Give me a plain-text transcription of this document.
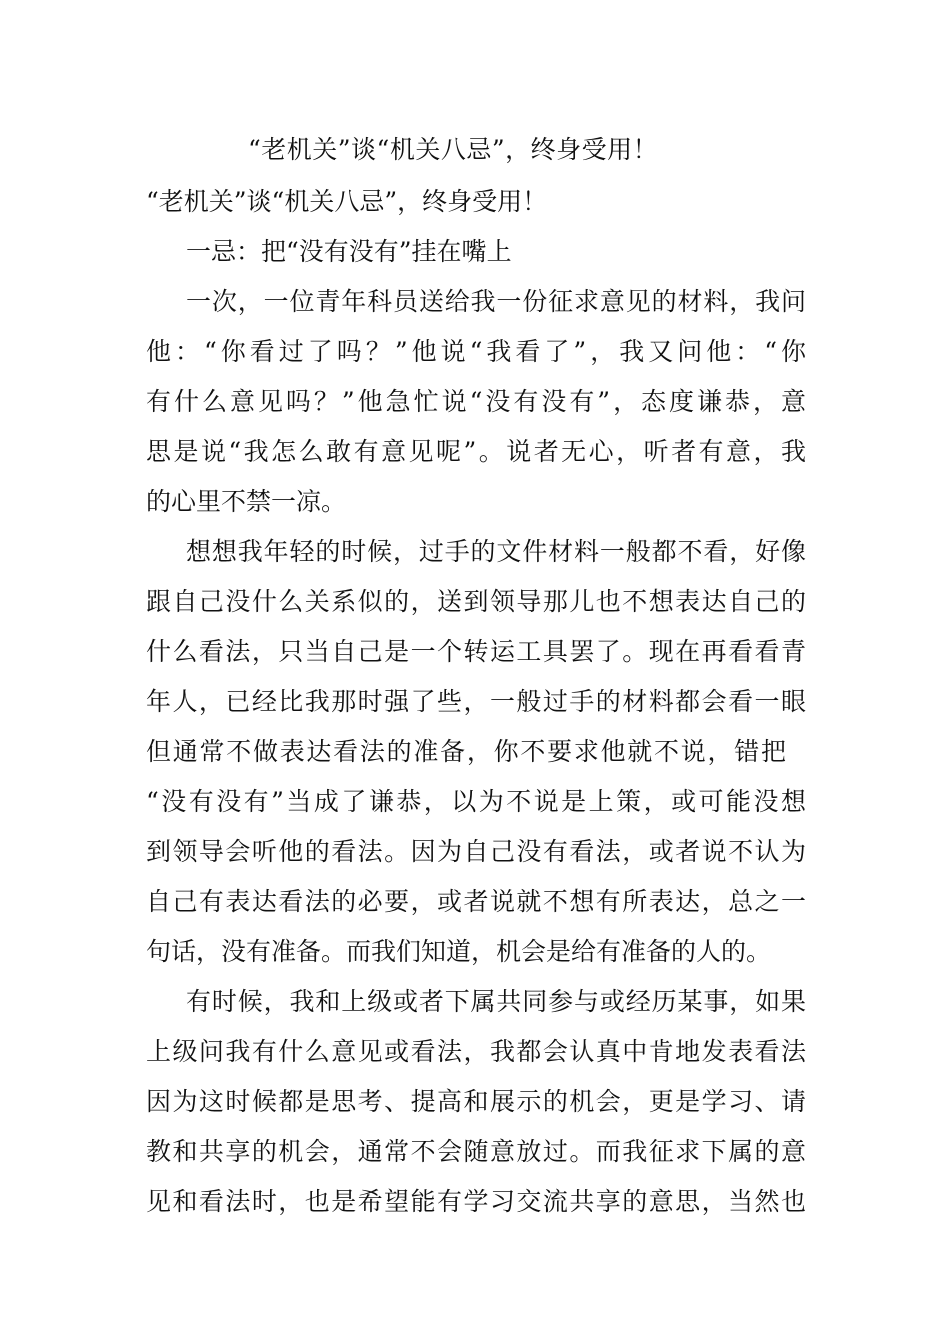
“老机关”谈“机关八忌”，终身受用！
“老机关”谈“机关八忌”，终身受用！
一忌：把“没有没有”挂在嘴上
一次，一位青年科员送给我一份征求意见的材料，我问
他：“你看过了吗？”他说“我看了”，我又问他：“你
有什么意见吗？”他急忙说“没有没有”，态度谦恭，意
思是说“我怎么敢有意见呢”。说者无心，听者有意，我
的心里不禁一凉。
想想我年轻的时候，过手的文件材料一般都不看，好像
跟自己没什么关系似的，送到领导那儿也不想表达自己的
什么看法，只当自己是一个转运工具罢了。现在再看看青
年人，已经比我那时强了些，一般过手的材料都会看一眼
但通常不做表达看法的准备，你不要求他就不说，错把
“没有没有”当成了谦恭，以为不说是上策，或可能没想
到领导会听他的看法。因为自己没有看法，或者说不认为
自己有表达看法的必要，或者说就不想有所表达，总之一
句话，没有准备。而我们知道，机会是给有准备的人的。
有时候，我和上级或者下属共同参与或经历某事，如果
上级问我有什么意见或看法，我都会认真中肯地发表看法
因为这时候都是思考、提高和展示的机会，更是学习、请
教和共享的机会，通常不会随意放过。而我征求下属的意
见和看法时，也是希望能有学习交流共享的意思，当然也
